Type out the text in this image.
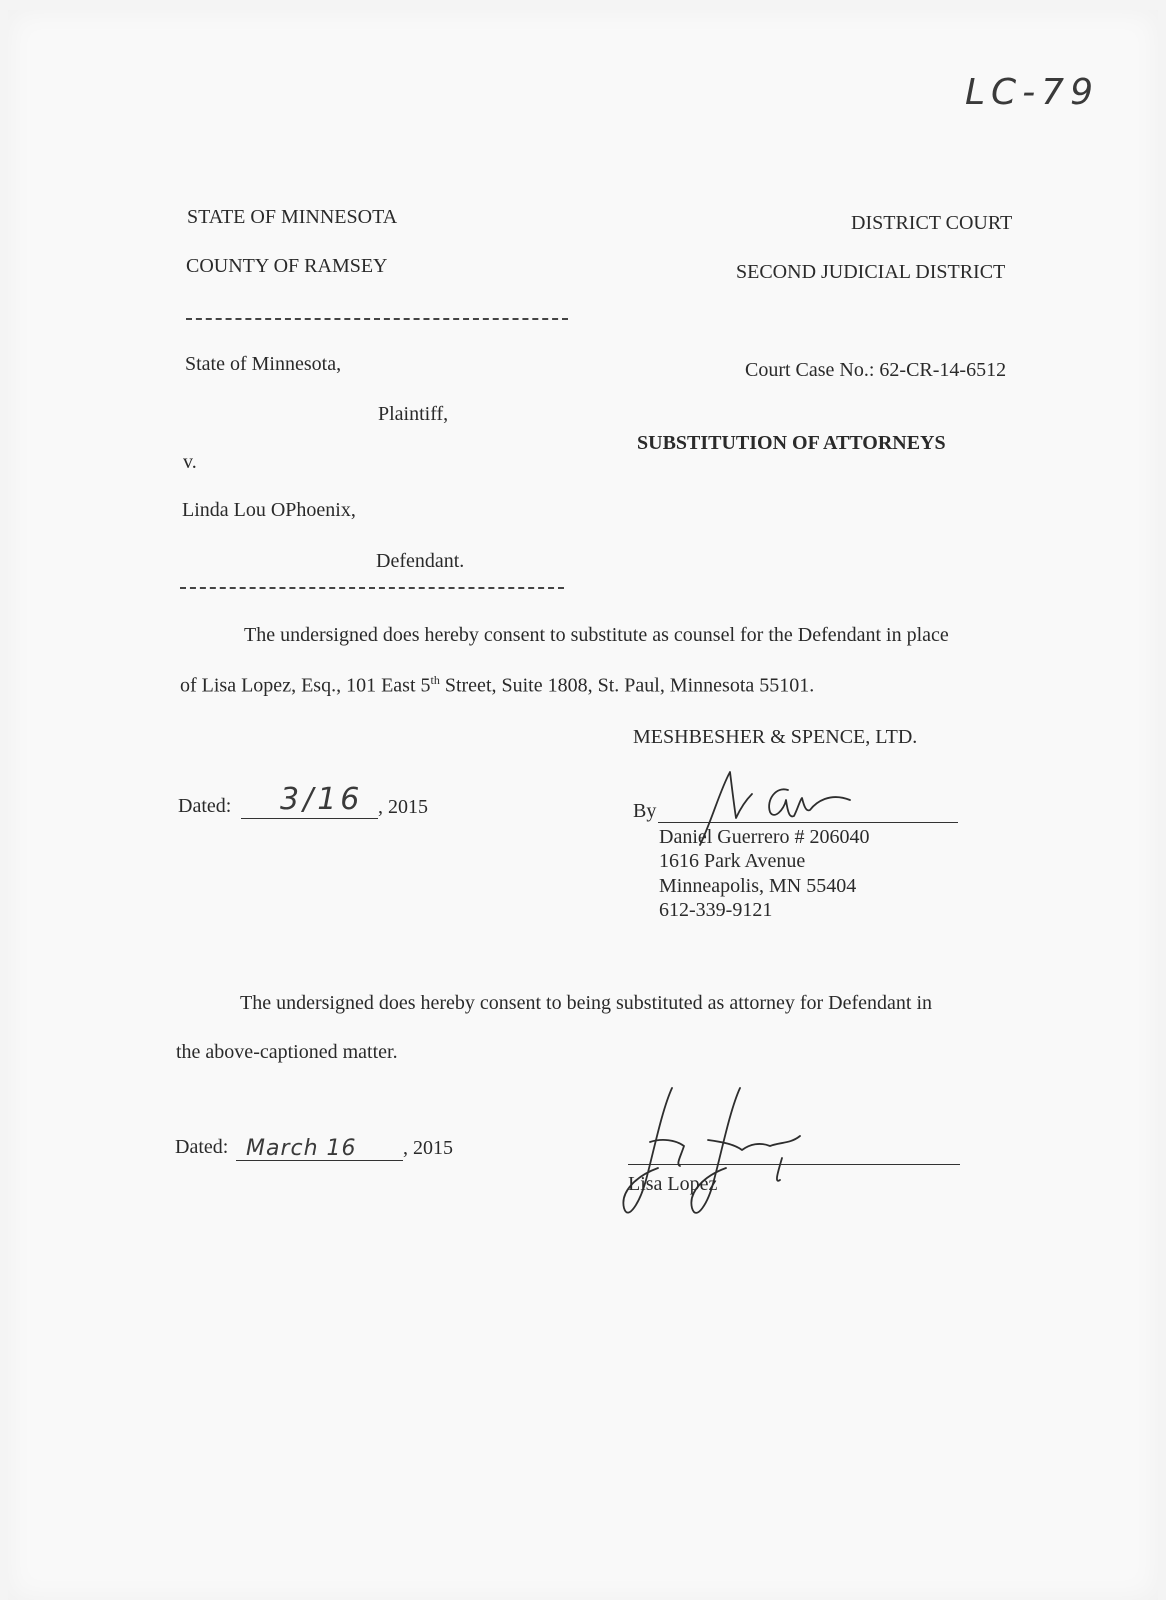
LC-79
STATE OF MINNESOTA
COUNTY OF RAMSEY
DISTRICT COURT
SECOND JUDICIAL DISTRICT
State of Minnesota,
Plaintiff,
v.
Linda Lou OPhoenix,
Defendant.
Court Case No.: 62-CR-14-6512
SUBSTITUTION OF ATTORNEYS
The undersigned does hereby consent to substitute as counsel for the Defendant in place
of Lisa Lopez, Esq., 101 East 5th Street, Suite 1808, St. Paul, Minnesota 55101.
MESHBESHER & SPENCE, LTD.
Dated: 3/16 , 2015	By
Daniel Guerrero # 206040
1616 Park Avenue
Minneapolis, MN 55404
612-339-9121
The undersigned does hereby consent to being substituted as attorney for Defendant in
the above-captioned matter.
Dated: March 16 , 2015
Lisa Lopez
